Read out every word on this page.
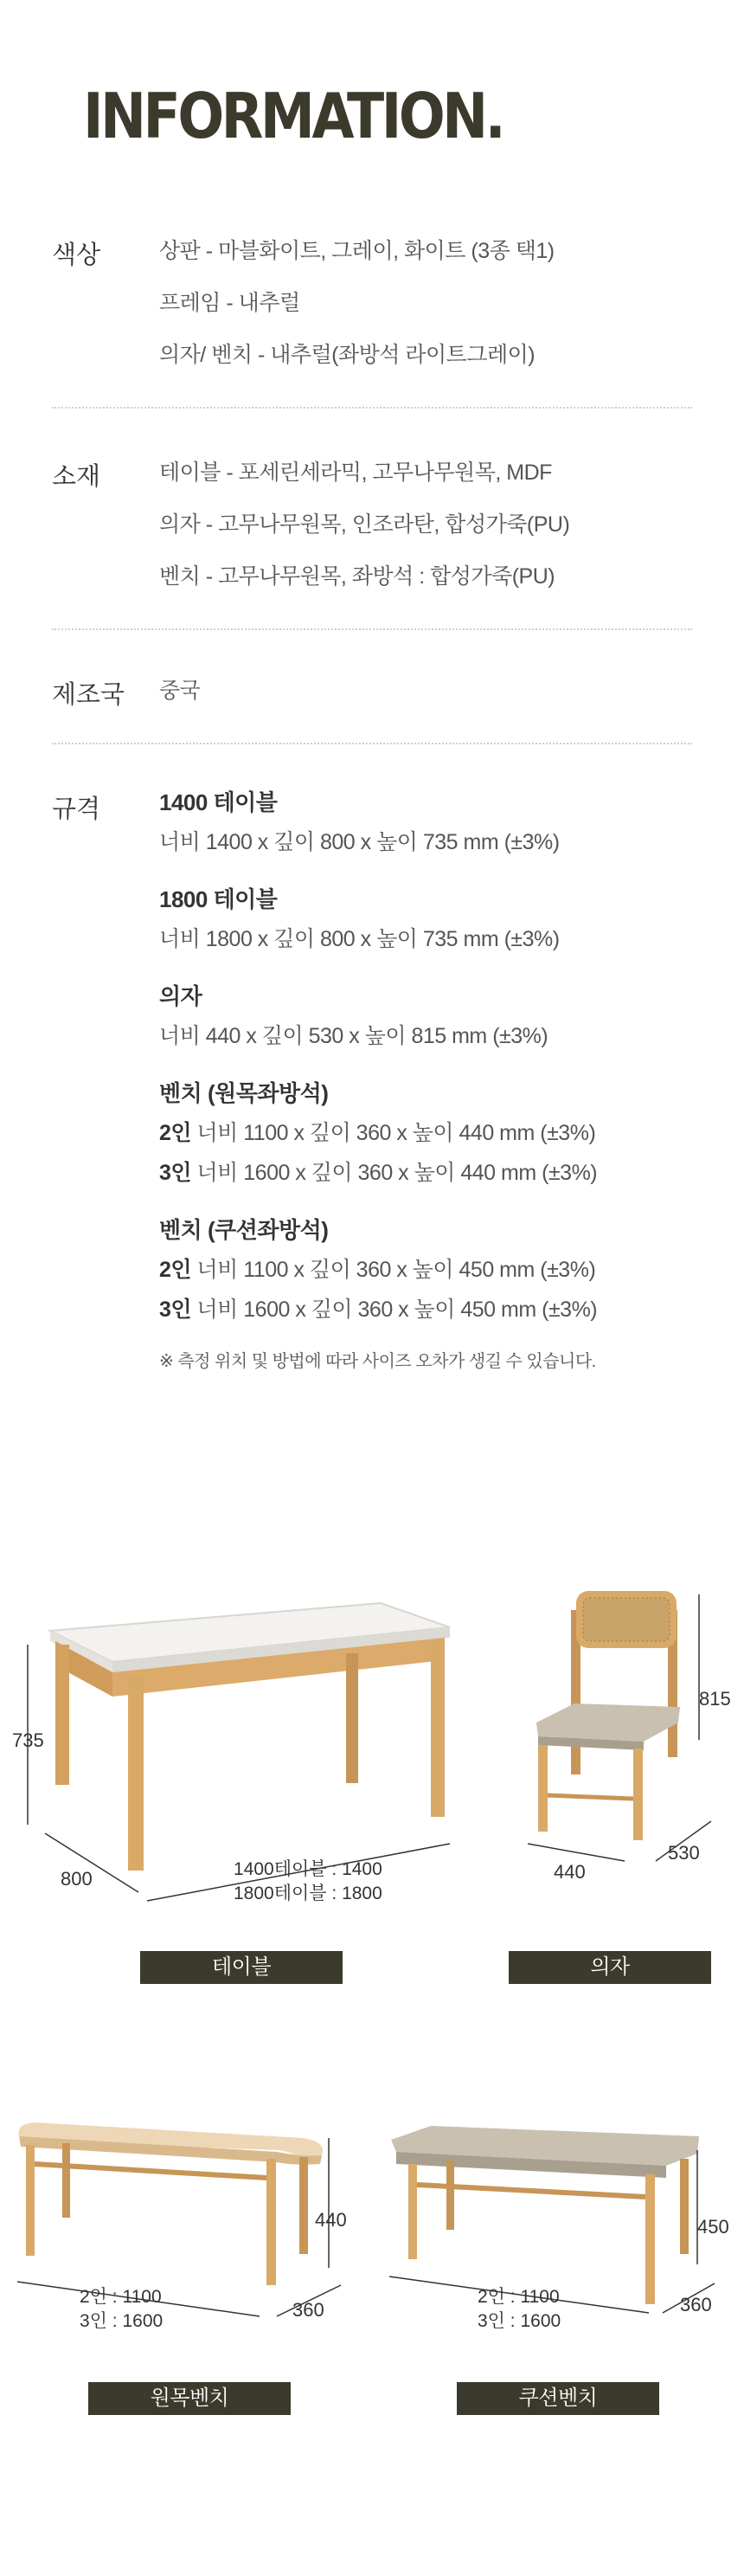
INFORMATION.
색상	상판 - 마블화이트, 그레이, 화이트 (3종 택1)
프레임 - 내추럴
의자/ 벤치 - 내추럴(좌방석 라이트그레이)
소재	테이블 - 포세린세라믹, 고무나무원목, MDF
의자 - 고무나무원목, 인조라탄, 합성가죽(PU)
벤치 - 고무나무원목, 좌방석 : 합성가죽(PU)
제조국 중국
규격	1400 테이블
너비 1400 x 깊이 800 x 높이 735 mm (±3%)
1800 테이블
너비 1800 x 깊이 800 x 높이 735 mm (±3%)
의자
너비 440 x 깊이 530 x 높이 815 mm (±3%)
벤치 (원목좌방석)
2인 너비 1100 x 깊이 360 x 높이 440 mm (±3%)
3인 너비 1600 x 깊이 360 x 높이 440 mm (±3%)
벤치 (쿠션좌방석)
2인 너비 1100 x 깊이 360 x 높이 450 mm (±3%)
3인 너비 1600 x 깊이 360 x 높이 450 mm (±3%)
※ 측정 위치 및 방법에 따라 사이즈 오차가 생길 수 있습니다.
735
800	1400테이블 : 1400
1800테이블 : 1800
815
440
530
440
360
2인 : 1100
3인 : 1600
450
360
2인 : 1100
3인 : 1600
테이블	의자
원목벤치	쿠션벤치
